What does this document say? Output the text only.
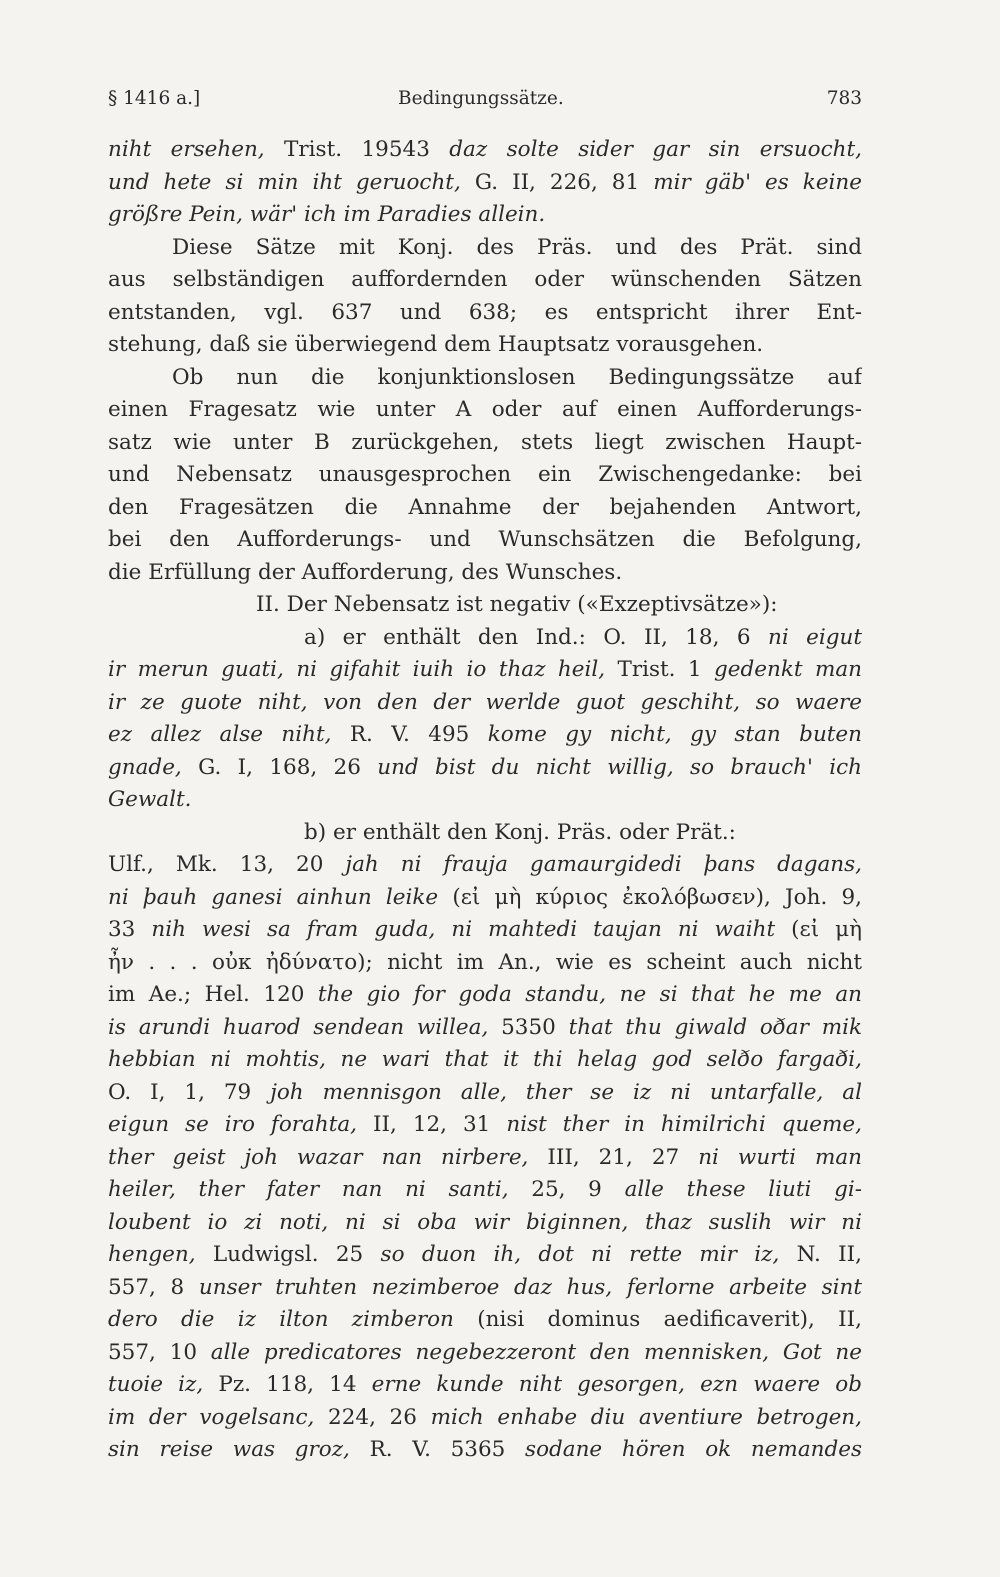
§ 1416 a.]	Bedingungssätze.	783
niht ersehen, Trist. 19543 daz solte sider gar sin ersuocht,
und hete si min iht geruocht, G. II, 226, 81 mir gäb' es keine
größre Pein, wär' ich im Paradies allein.
Diese Sätze mit Konj. des Präs. und des Prät. sind
aus selbständigen auffordernden oder wünschenden Sätzen
entstanden, vgl. 637 und 638; es entspricht ihrer Ent-
stehung, daß sie überwiegend dem Hauptsatz vorausgehen.
Ob nun die konjunktionslosen Bedingungssätze auf
einen Fragesatz wie unter A oder auf einen Aufforderungs-
satz wie unter B zurückgehen, stets liegt zwischen Haupt-
und Nebensatz unausgesprochen ein Zwischengedanke: bei
den Fragesätzen die Annahme der bejahenden Antwort,
bei den Aufforderungs- und Wunschsätzen die Befolgung,
die Erfüllung der Aufforderung, des Wunsches.
II. Der Nebensatz ist negativ («Exzeptivsätze»):
a) er enthält den Ind.: O. II, 18, 6 ni eigut
ir merun guati, ni gifahit iuih io thaz heil, Trist. 1 gedenkt man
ir ze guote niht, von den der werlde guot geschiht, so waere
ez allez alse niht, R. V. 495 kome gy nicht, gy stan buten
gnade, G. I, 168, 26 und bist du nicht willig, so brauch' ich
Gewalt.
b) er enthält den Konj. Präs. oder Prät.:
Ulf., Mk. 13, 20 jah ni frauja gamaurgidedi þans dagans,
ni þauh ganesi ainhun leike (εἰ μὴ κύριος ἐκολόβωσεν), Joh. 9,
33 nih wesi sa fram guda, ni mahtedi taujan ni waiht (εἰ μὴ
ἦν . . . οὐκ ἠδύνατο); nicht im An., wie es scheint auch nicht
im Ae.; Hel. 120 the gio for goda standu, ne si that he me an
is arundi huarod sendean willea, 5350 that thu giwald oðar mik
hebbian ni mohtis, ne wari that it thi helag god selðo fargaði,
O. I, 1, 79 joh mennisgon alle, ther se iz ni untarfalle, al
eigun se iro forahta, II, 12, 31 nist ther in himilrichi queme,
ther geist joh wazar nan nirbere, III, 21, 27 ni wurti man
heiler, ther fater nan ni santi, 25, 9 alle these liuti gi-
loubent io zi noti, ni si oba wir biginnen, thaz suslih wir ni
hengen, Ludwigsl. 25 so duon ih, dot ni rette mir iz, N. II,
557, 8 unser truhten nezimberoe daz hus, ferlorne arbeite sint
dero die iz ilton zimberon (nisi dominus aedificaverit), II,
557, 10 alle predicatores negebezzeront den mennisken, Got ne
tuoie iz, Pz. 118, 14 erne kunde niht gesorgen, ezn waere ob
im der vogelsanc, 224, 26 mich enhabe diu aventiure betrogen,
sin reise was groz, R. V. 5365 sodane hören ok nemandes
